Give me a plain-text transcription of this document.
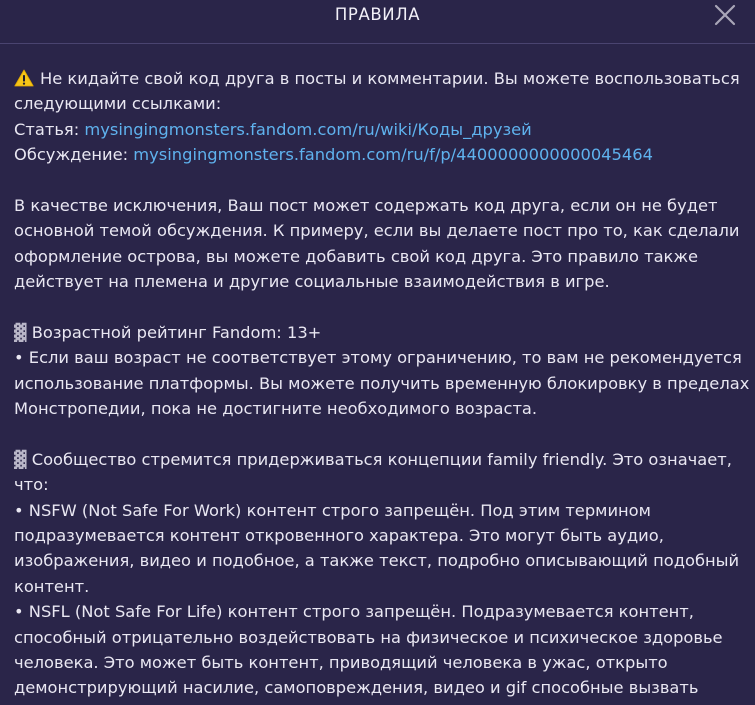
ПРАВИЛА
Не кидайте свой код друга в посты и комментарии. Вы можете воспользоваться
следующими ссылками:
Статья: mysingingmonsters.fandom.com/ru/wiki/Коды_друзей
Обсуждение: mysingingmonsters.fandom.com/ru/f/p/4400000000000045464
В качестве исключения, Ваш пост может содержать код друга, если он не будет
основной темой обсуждения. К примеру, если вы делаете пост про то, как сделали
оформление острова, вы можете добавить свой код друга. Это правило также
действует на племена и другие социальные взаимодействия в игре.
▓ Возрастной рейтинг Fandom: 13+
• Если ваш возраст не соответствует этому ограничению, то вам не рекомендуется
использование платформы. Вы можете получить временную блокировку в пределах
Монстропедии, пока не достигните необходимого возраста.
▓ Сообщество стремится придерживаться концепции family friendly. Это означает,
что:
• NSFW (Not Safe For Work) контент строго запрещён. Под этим термином
подразумевается контент откровенного характера. Это могут быть аудио,
изображения, видео и подобное, а также текст, подробно описывающий подобный
контент.
• NSFL (Not Safe For Life) контент строго запрещён. Подразумевается контент,
способный отрицательно воздействовать на физическое и психическое здоровье
человека. Это может быть контент, приводящий человека в ужас, открыто
демонстрирующий насилие, самоповреждения, видео и gif способные вызвать
